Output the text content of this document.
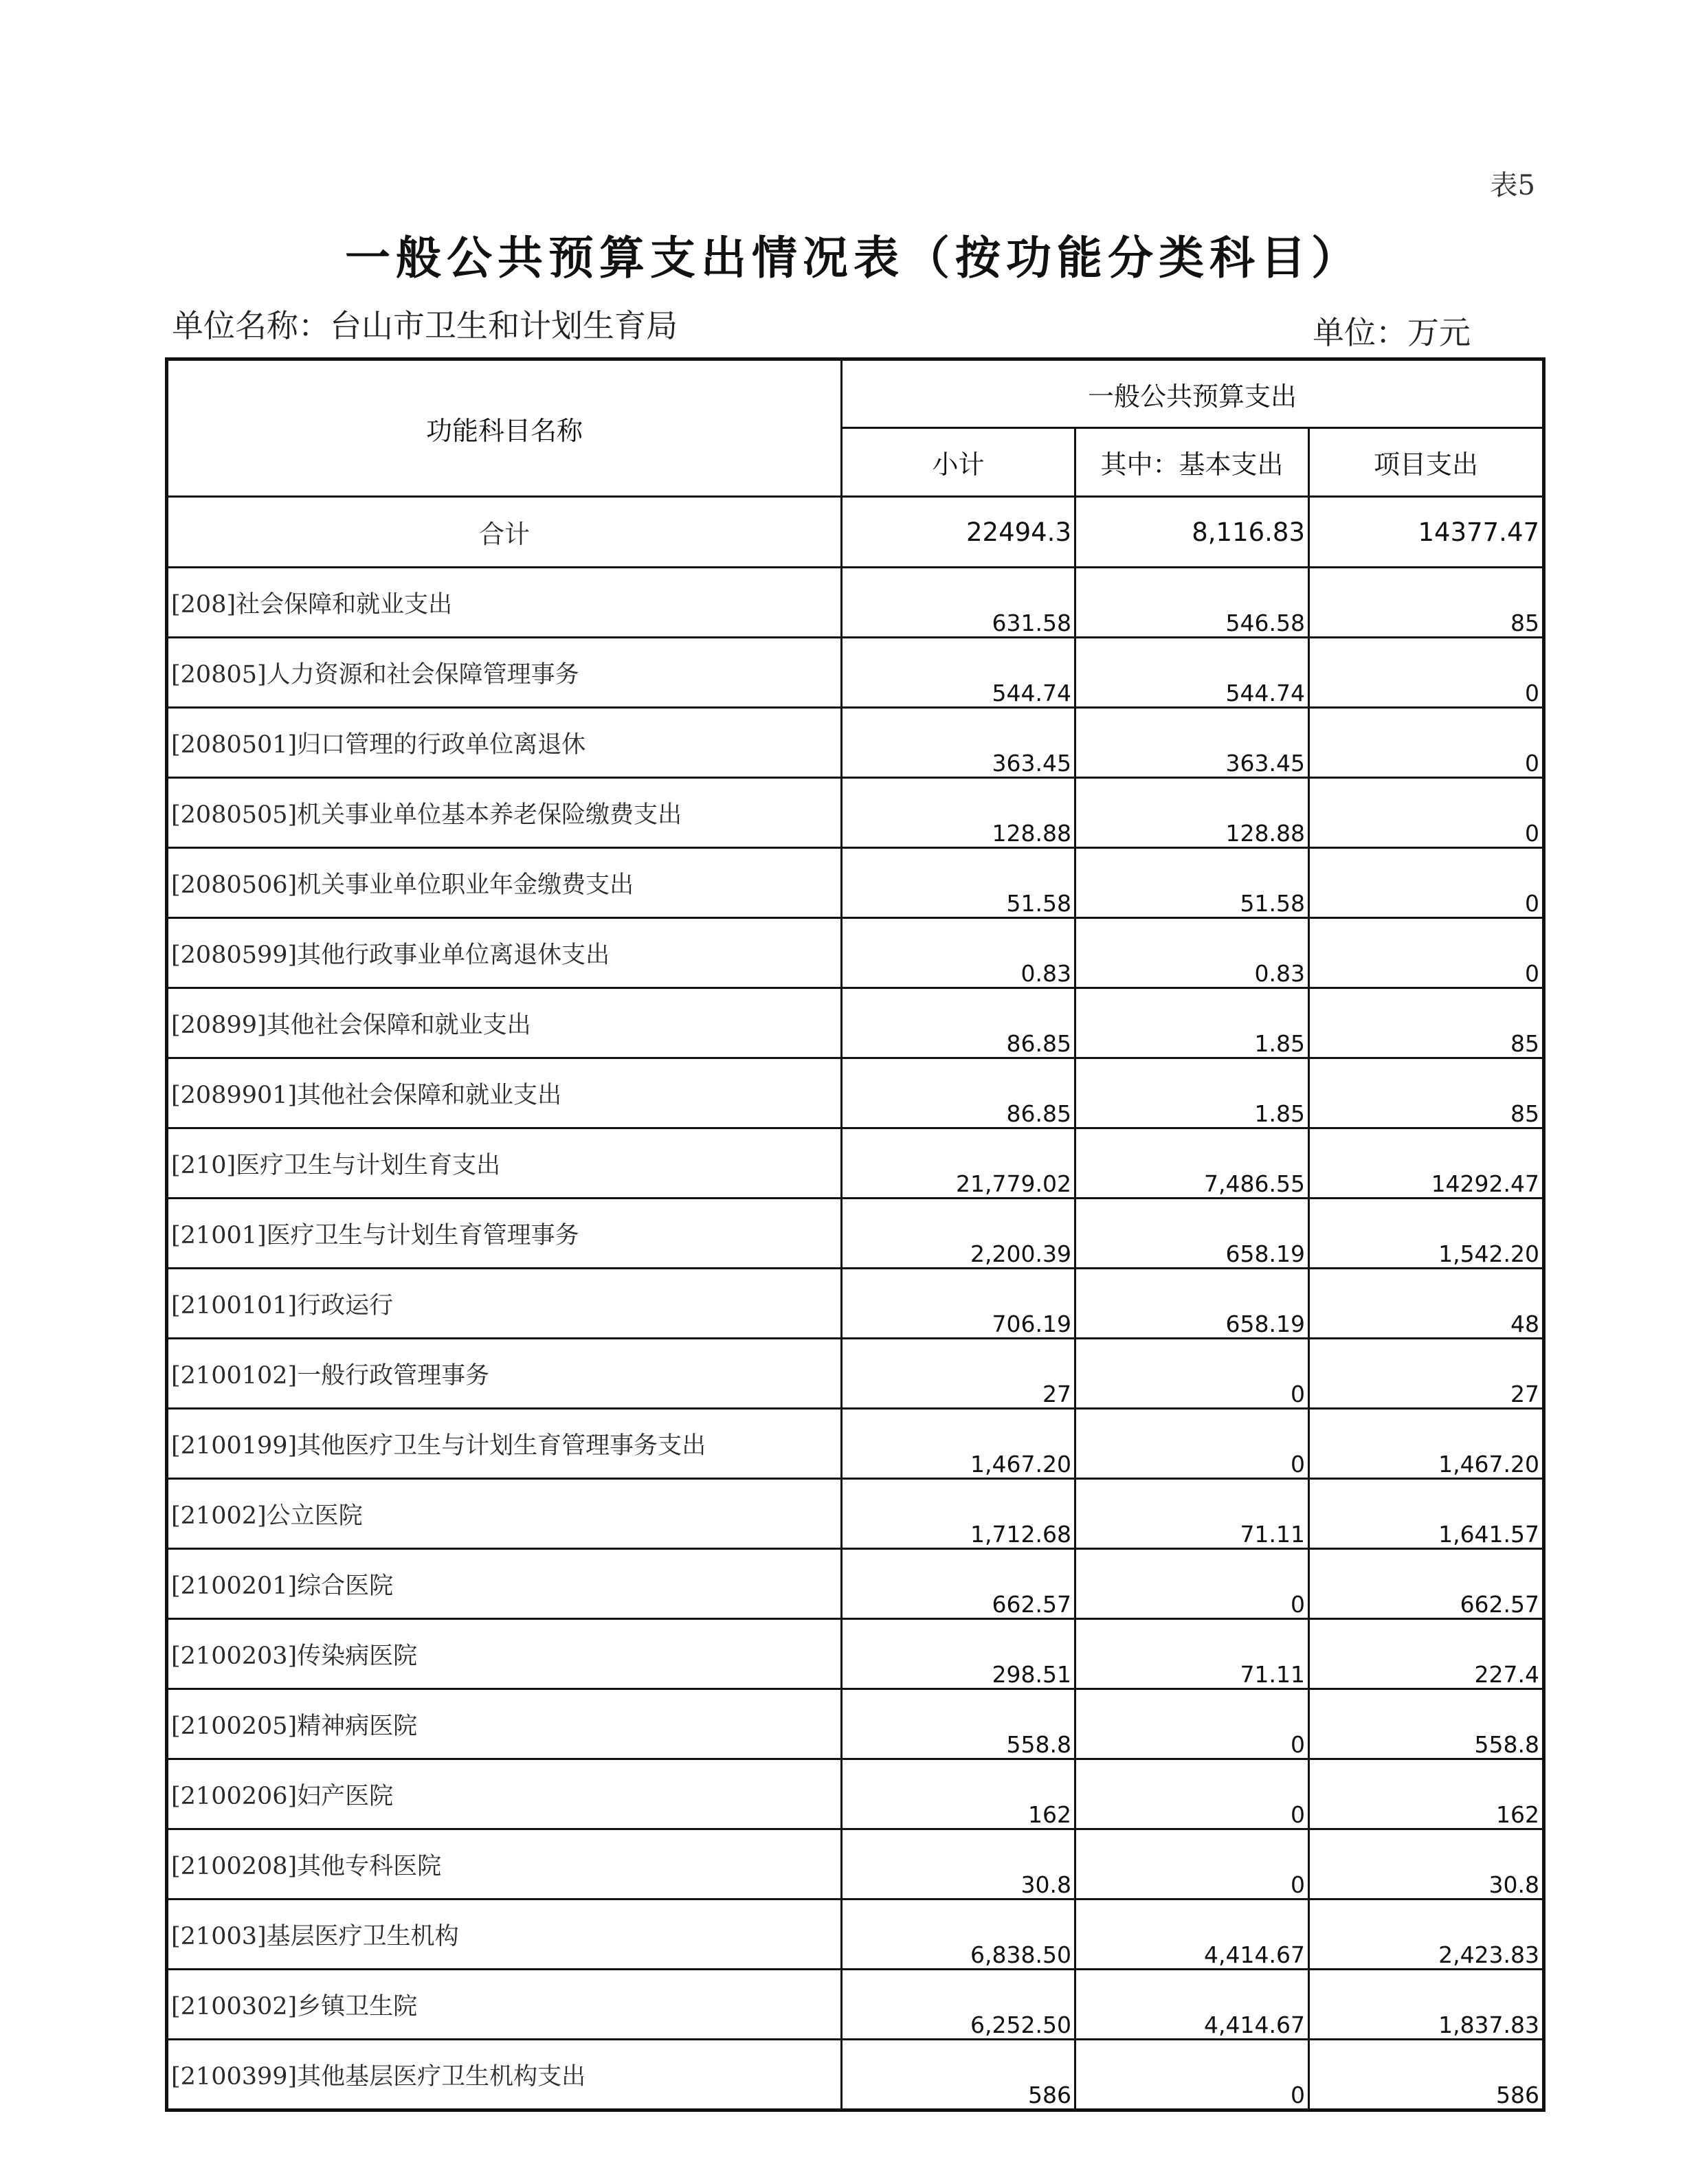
表5
一般公共预算支出情况表（按功能分类科目）
单位名称：台山市卫生和计划生育局	单位：万元
功能科目名称	一般公共预算支出		
	小计	其中：基本支出	项目支出
合计	22494.3	8,116.83	14377.47
[208]社会保障和就业支出	631.58	546.58	85
[20805]人力资源和社会保障管理事务	544.74	544.74	0
[2080501]归口管理的行政单位离退休	363.45	363.45	0
[2080505]机关事业单位基本养老保险缴费支出	128.88	128.88	0
[2080506]机关事业单位职业年金缴费支出	51.58	51.58	0
[2080599]其他行政事业单位离退休支出	0.83	0.83	0
[20899]其他社会保障和就业支出	86.85	1.85	85
[2089901]其他社会保障和就业支出	86.85	1.85	85
[210]医疗卫生与计划生育支出	21,779.02	7,486.55	14292.47
[21001]医疗卫生与计划生育管理事务	2,200.39	658.19	1,542.20
[2100101]行政运行	706.19	658.19	48
[2100102]一般行政管理事务	27	0	27
[2100199]其他医疗卫生与计划生育管理事务支出	1,467.20	0	1,467.20
[21002]公立医院	1,712.68	71.11	1,641.57
[2100201]综合医院	662.57	0	662.57
[2100203]传染病医院	298.51	71.11	227.4
[2100205]精神病医院	558.8	0	558.8
[2100206]妇产医院	162	0	162
[2100208]其他专科医院	30.8	0	30.8
[21003]基层医疗卫生机构	6,838.50	4,414.67	2,423.83
[2100302]乡镇卫生院	6,252.50	4,414.67	1,837.83
[2100399]其他基层医疗卫生机构支出	586	0	586
